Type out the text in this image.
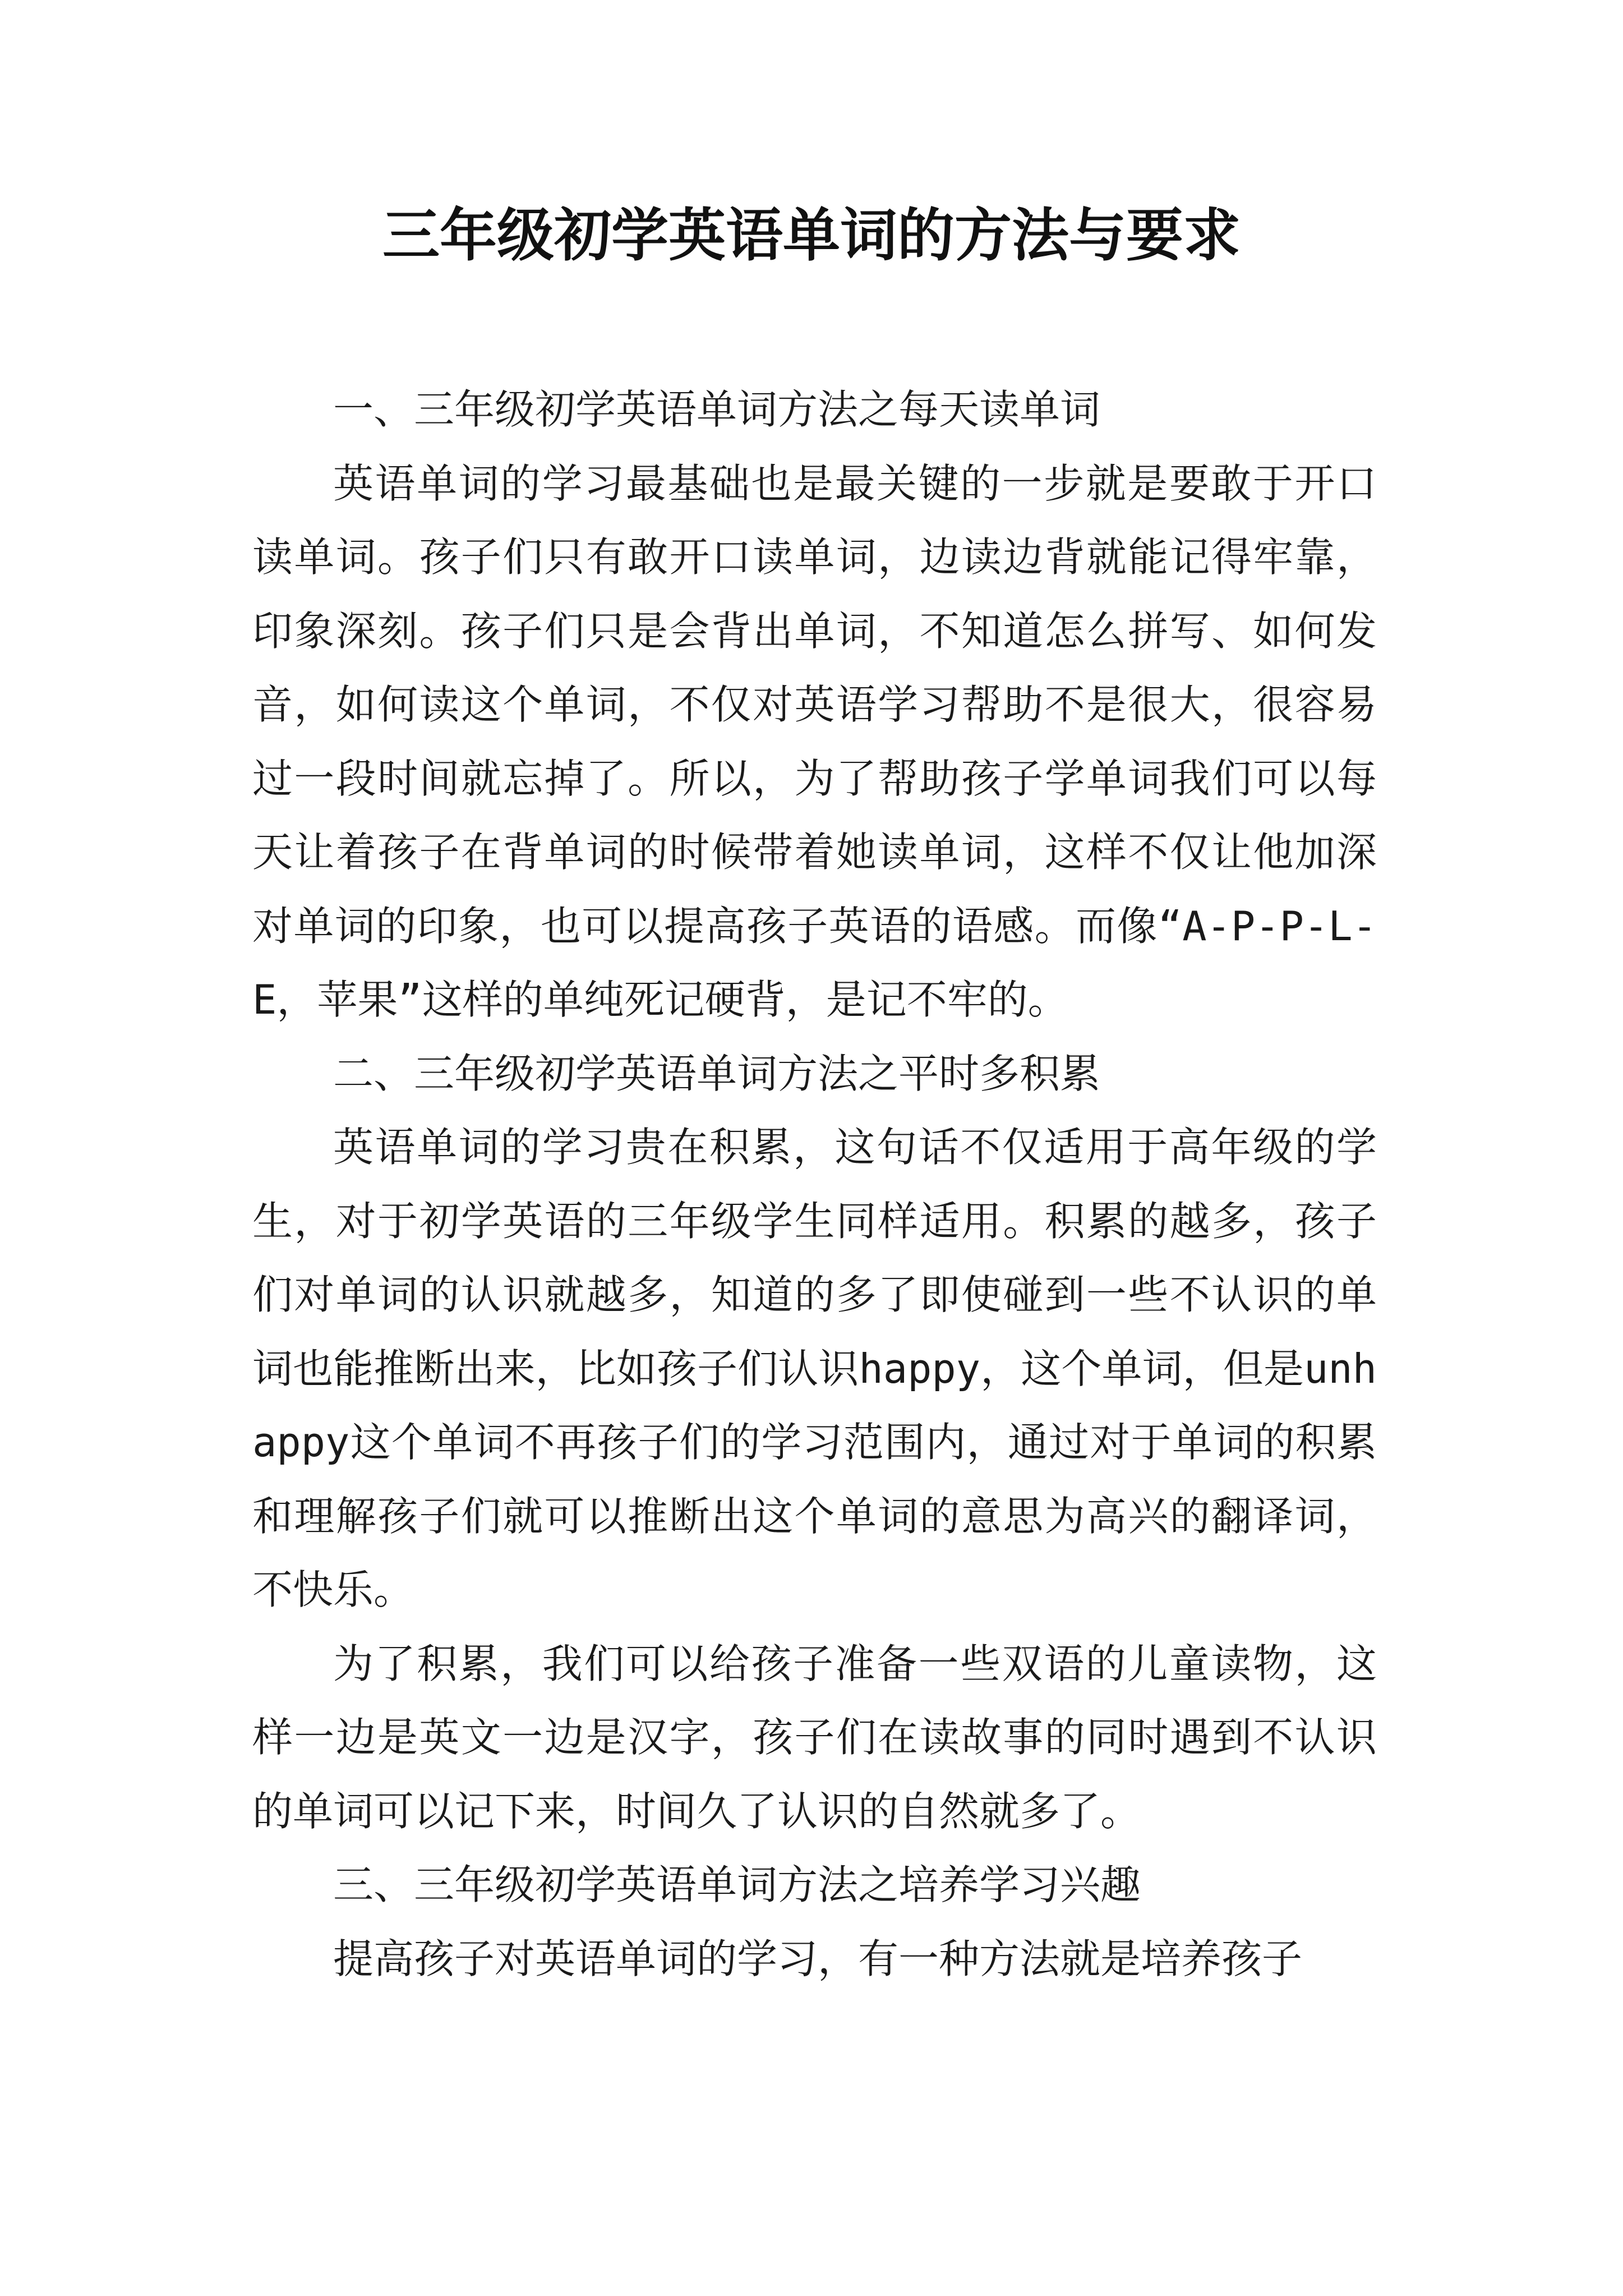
三年级初学英语单词的方法与要求

一、三年级初学英语单词方法之每天读单词

英语单词的学习最基础也是最关键的一步就是要敢于开口读单词。孩子们只有敢开口读单词，边读边背就能记得牢靠，印象深刻。孩子们只是会背出单词，不知道怎么拼写、如何发音，如何读这个单词，不仅对英语学习帮助不是很大，很容易过一段时间就忘掉了。所以，为了帮助孩子学单词我们可以每天让着孩子在背单词的时候带着她读单词，这样不仅让他加深对单词的印象，也可以提高孩子英语的语感。而像“A-P-P-L-E，苹果”这样的单纯死记硬背，是记不牢的。

二、三年级初学英语单词方法之平时多积累

英语单词的学习贵在积累，这句话不仅适用于高年级的学生，对于初学英语的三年级学生同样适用。积累的越多，孩子们对单词的认识就越多，知道的多了即使碰到一些不认识的单词也能推断出来，比如孩子们认识happy，这个单词，但是unhappy这个单词不再孩子们的学习范围内，通过对于单词的积累和理解孩子们就可以推断出这个单词的意思为高兴的翻译词，不快乐。

为了积累，我们可以给孩子准备一些双语的儿童读物，这样一边是英文一边是汉字，孩子们在读故事的同时遇到不认识的单词可以记下来，时间久了认识的自然就多了。

三、三年级初学英语单词方法之培养学习兴趣

提高孩子对英语单词的学习，有一种方法就是培养孩子
